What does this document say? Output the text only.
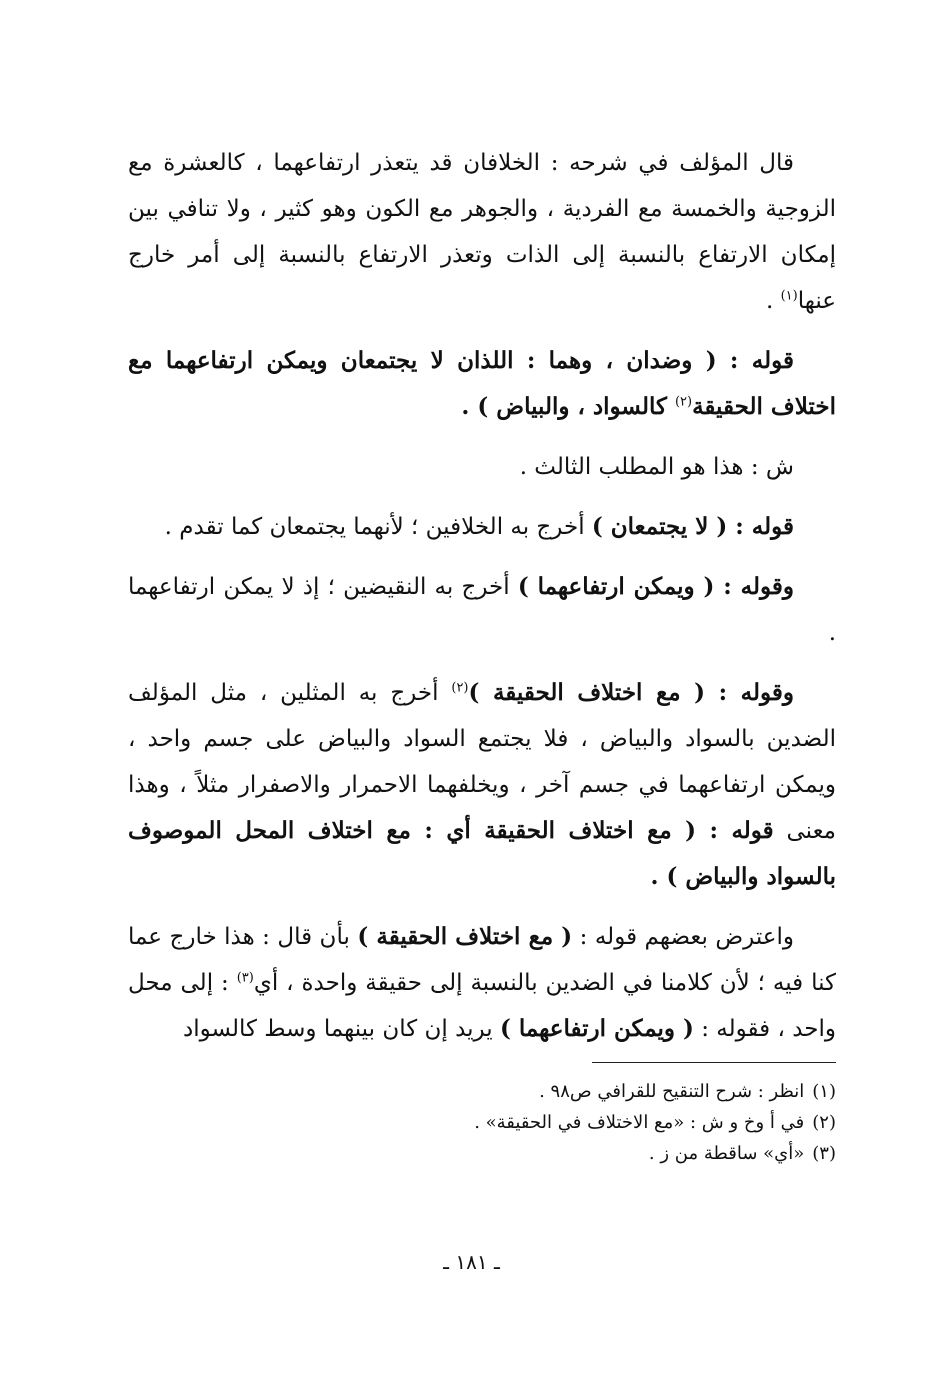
قال المؤلف في شرحه : الخلافان قد يتعذر ارتفاعهما ، كالعشرة مع الزوجية والخمسة مع الفردية ، والجوهر مع الكون وهو كثير ، ولا تنافي بين إمكان الارتفاع بالنسبة إلى الذات وتعذر الارتفاع بالنسبة إلى أمر خارج عنها$^{(١)}$ .

قوله : ( وضدان ، وهما : اللذان لا يجتمعان ويمكن ارتفاعهما مع اختلاف الحقيقة$^{(٢)}$ كالسواد ، والبياض ) .

ش : هذا هو المطلب الثالث .

قوله : ( لا يجتمعان ) أخرج به الخلافين ؛ لأنهما يجتمعان كما تقدم .

وقوله : ( ويمكن ارتفاعهما ) أخرج به النقيضين ؛ إذ لا يمكن ارتفاعهما .

وقوله : ( مع اختلاف الحقيقة )$^{(٢)}$ أخرج به المثلين ، مثل المؤلف الضدين بالسواد والبياض ، فلا يجتمع السواد والبياض على جسم واحد ، ويمكن ارتفاعهما في جسم آخر ، ويخلفهما الاحمرار والاصفرار مثلاً ، وهذا معنى قوله : ( مع اختلاف الحقيقة أي : مع اختلاف المحل الموصوف بالسواد والبياض ) .

واعترض بعضهم قوله : ( مع اختلاف الحقيقة ) بأن قال : هذا خارج عما كنا فيه ؛ لأن كلامنا في الضدين بالنسبة إلى حقيقة واحدة ، أي$^{(٣)}$ : إلى محل واحد ، فقوله : ( ويمكن ارتفاعهما ) يريد إن كان بينهما وسط كالسواد

(١)انظر : شرح التنقيح للقرافي ص٩٨ .

(٢)في أ وخ و ش : «مع الاختلاف في الحقيقة» .

(٣)«أي» ساقطة من ز .

ـ ١٨١ ـ
